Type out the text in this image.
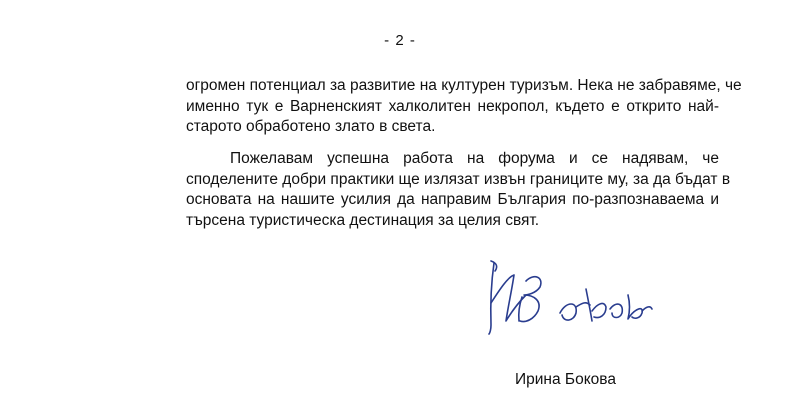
- 2 -
огромен потенциал за развитие на културен туризъм. Нека не забравяме, че
именно тук е Варненският халколитен некропол, където е открито най-
старото обработено злато в света.
Пожелавам успешна работа на форума и се надявам, че
споделените добри практики ще излязат извън границите му, за да бъдат в
основата на нашите усилия да направим България по-разпознаваема и
търсена туристическа дестинация за целия свят.
Ирина Бокова
